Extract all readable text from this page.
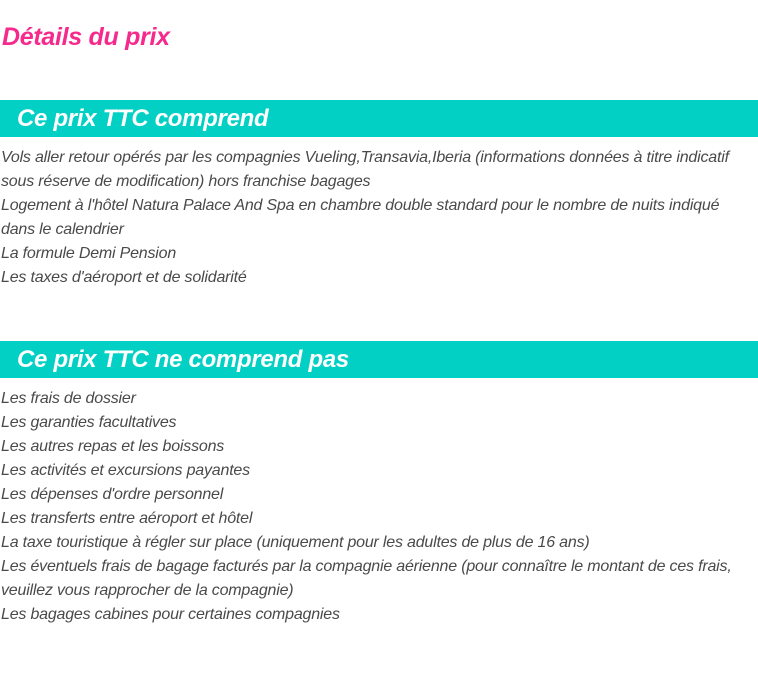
Détails du prix
Ce prix TTC comprend

Vols aller retour opérés par les compagnies Vueling,Transavia,Iberia (informations données à titre indicatif sous réserve de modification) hors franchise bagages

Logement à l'hôtel Natura Palace And Spa en chambre double standard pour le nombre de nuits indiqué dans le calendrier

La formule Demi Pension

Les taxes d'aéroport et de solidarité

Ce prix TTC ne comprend pas

Les frais de dossier

Les garanties facultatives

Les autres repas et les boissons

Les activités et excursions payantes

Les dépenses d'ordre personnel

Les transferts entre aéroport et hôtel

La taxe touristique à régler sur place (uniquement pour les adultes de plus de 16 ans)

Les éventuels frais de bagage facturés par la compagnie aérienne (pour connaître le montant de ces frais, veuillez vous rapprocher de la compagnie)

Les bagages cabines pour certaines compagnies
